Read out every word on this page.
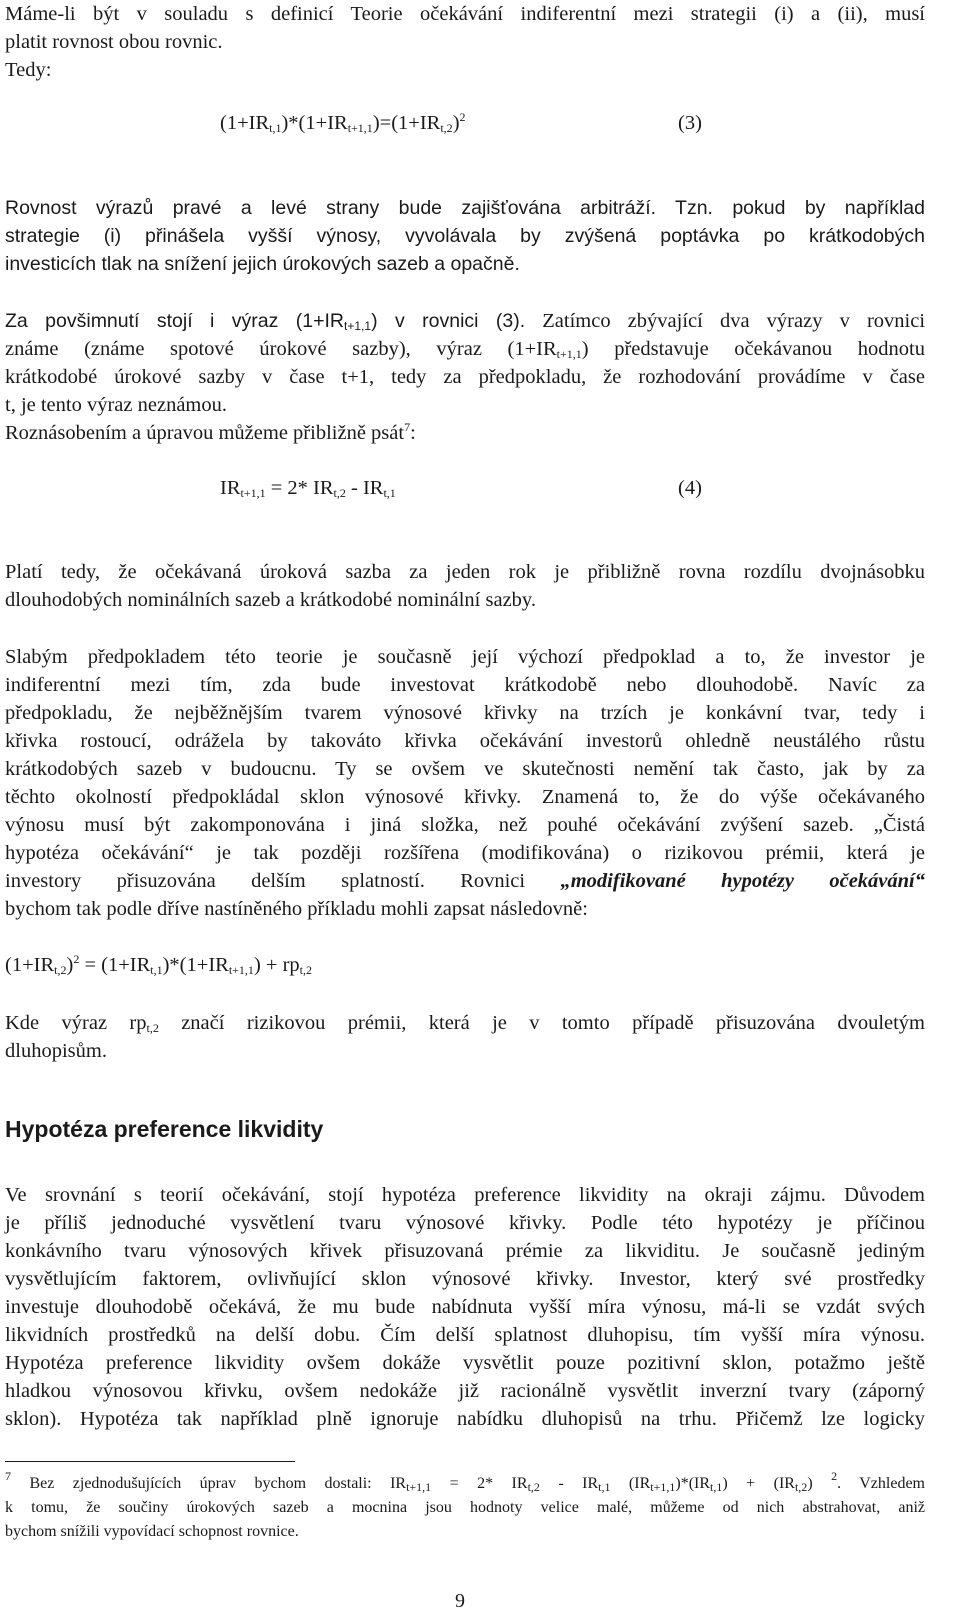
Máme-li být v souladu s definicí Teorie očekávání indiferentní mezi strategii (i) a (ii), musí

platit rovnost obou rovnic.

Tedy:

$(1+IR_{t,1})*(1+IR_{t+1,1})=(1+IR_{t,2})^2$	(3)

Rovnost výrazů pravé a levé strany bude zajišťována arbitráží. Tzn. pokud by například

strategie (i) přinášela vyšší výnosy, vyvolávala by zvýšená poptávka po krátkodobých

investicích tlak na snížení jejich úrokových sazeb a opačně.

Za povšimnutí stojí i výraz $(1+IR_{t+1,1})$ v rovnici (3). Zatímco zbývající dva výrazy v rovnici

známe (známe spotové úrokové sazby), výraz $(1+IR_{t+1,1})$ představuje očekávanou hodnotu

krátkodobé úrokové sazby v čase t+1, tedy za předpokladu, že rozhodování provádíme v čase

t, je tento výraz neznámou.

Roznásobením a úpravou můžeme přibližně psát$^7$:

$IR_{t+1,1} = 2*$ $IR_{t,2} - IR_{t,1}$	(4)

Platí tedy, že očekávaná úroková sazba za jeden rok je přibližně rovna rozdílu dvojnásobku

dlouhodobých nominálních sazeb a krátkodobé nominální sazby.

Slabým předpokladem této teorie je současně její výchozí předpoklad a to, že investor je

indiferentní mezi tím, zda bude investovat krátkodobě nebo dlouhodobě. Navíc za

předpokladu, že nejběžnějším tvarem výnosové křivky na trzích je konkávní tvar, tedy i

křivka rostoucí, odrážela by takováto křivka očekávání investorů ohledně neustálého růstu

krátkodobých sazeb v budoucnu. Ty se ovšem ve skutečnosti nemění tak často, jak by za

těchto okolností předpokládal sklon výnosové křivky. Znamená to, že do výše očekávaného

výnosu musí být zakomponována i jiná složka, než pouhé očekávání zvýšení sazeb. „Čistá

hypotéza očekávání“ je tak později rozšířena (modifikována) o rizikovou prémii, která je

investory přisuzována delším splatností. Rovnici „modifikované hypotézy očekávání“

bychom tak podle dříve nastíněného příkladu mohli zapsat následovně:

$(1+IR_{t,2})^2 = (1+IR_{t,1})*(1+IR_{t+1,1}) + rp_{t,2}$

Kde výraz $rp_{t,2}$ značí rizikovou prémii, která je v tomto případě přisuzována dvouletým

dluhopisům.

Hypotéza preference likvidity

Ve srovnání s teorií očekávání, stojí hypotéza preference likvidity na okraji zájmu. Důvodem

je příliš jednoduché vysvětlení tvaru výnosové křivky. Podle této hypotézy je příčinou

konkávního tvaru výnosových křivek přisuzovaná prémie za likviditu. Je současně jediným

vysvětlujícím faktorem, ovlivňující sklon výnosové křivky. Investor, který své prostředky

investuje dlouhodobě očekává, že mu bude nabídnuta vyšší míra výnosu, má-li se vzdát svých

likvidních prostředků na delší dobu. Čím delší splatnost dluhopisu, tím vyšší míra výnosu.

Hypotéza preference likvidity ovšem dokáže vysvětlit pouze pozitivní sklon, potažmo ještě

hladkou výnosovou křivku, ovšem nedokáže již racionálně vysvětlit inverzní tvary (záporný

sklon). Hypotéza tak například plně ignoruje nabídku dluhopisů na trhu. Přičemž lze logicky

$^7$ Bez zjednodušujících úprav bychom dostali: $IR_{t+1,1} = 2*$ $IR_{t,2} - IR_{t,1}$ $(IR_{t+1,1})*(IR_{t,1}) + (IR_{t,2})$ $^2$. Vzhledem
k tomu, že součiny úrokových sazeb a mocnina jsou hodnoty velice malé, můžeme od nich abstrahovat, aniž
bychom snížili vypovídací schopnost rovnice.
9
